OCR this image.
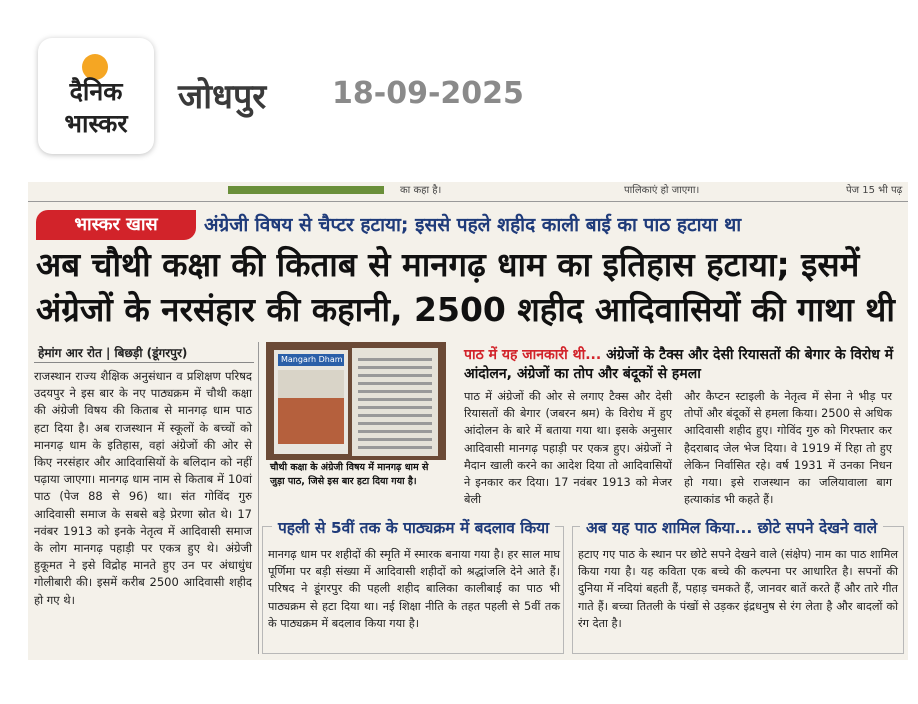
दैनिक
भास्कर
जोधपुर 18-09-2025
का कहा है।	पालिकाएं हो जाएगा।	पेज 15 भी पढ़
भास्कर खास	अंग्रेजी विषय से चैप्टर हटाया; इससे पहले शहीद काली बाई का पाठ हटाया था
अब चौथी कक्षा की किताब से मानगढ़ धाम का इतिहास हटाया; इसमें
अंग्रेजों के नरसंहार की कहानी, 2500 शहीद आदिवासियों की गाथा थी
हेमांग आर रोत | बिछड़ी (डूंगरपुर)
राजस्थान राज्य शैक्षिक अनुसंधान व प्रशिक्षण परिषद उदयपुर ने इस बार के नए पाठ्यक्रम में चौथी कक्षा की अंग्रेजी विषय की किताब से मानगढ़ धाम पाठ हटा दिया है। अब राजस्थान में स्कूलों के बच्चों को मानगढ़ धाम के इतिहास, वहां अंग्रेजों की ओर से किए नरसंहार और आदिवासियों के बलिदान को नहीं पढ़ाया जाएगा। मानगढ़ धाम नाम से किताब में 10वां पाठ (पेज 88 से 96) था। संत गोविंद गुरु आदिवासी समाज के सबसे बड़े प्रेरणा स्रोत थे। 17 नवंबर 1913 को इनके नेतृत्व में आदिवासी समाज के लोग मानगढ़ पहाड़ी पर एकत्र हुए थे। अंग्रेजी हुकूमत ने इसे विद्रोह मानते हुए उन पर अंधाधुंध गोलीबारी की। इसमें करीब 2500 आदिवासी शहीद हो गए थे।
Mangarh Dham
चौथी कक्षा के अंग्रेजी विषय में मानगढ़ धाम से जुड़ा पाठ, जिसे इस बार हटा दिया गया है।
पाठ में यह जानकारी थी... अंग्रेजों के टैक्स और देसी रियासतों की बेगार के विरोध में आंदोलन, अंग्रेजों का तोप और बंदूकों से हमला
पाठ में अंग्रेजों की ओर से लगाए टैक्स और देसी रियासतों की बेगार (जबरन श्रम) के विरोध में हुए आंदोलन के बारे में बताया गया था। इसके अनुसार आदिवासी मानगढ़ पहाड़ी पर एकत्र हुए। अंग्रेजों ने मैदान खाली करने का आदेश दिया तो आदिवासियों ने इनकार कर दिया। 17 नवंबर 1913 को मेजर बेली
और कैप्टन स्टाइली के नेतृत्व में सेना ने भीड़ पर तोपों और बंदूकों से हमला किया। 2500 से अधिक आदिवासी शहीद हुए। गोविंद गुरु को गिरफ्तार कर हैदराबाद जेल भेज दिया। वे 1919 में रिहा तो हुए लेकिन निर्वासित रहे। वर्ष 1931 में उनका निधन हो गया। इसे राजस्थान का जलियावाला बाग हत्याकांड भी कहते हैं।
पहली से 5वीं तक के पाठ्यक्रम में बदलाव किया
मानगढ़ धाम पर शहीदों की स्मृति में स्मारक बनाया गया है। हर साल माघ पूर्णिमा पर बड़ी संख्या में आदिवासी शहीदों को श्रद्धांजलि देने आते हैं। परिषद ने डूंगरपुर की पहली शहीद बालिका कालीबाई का पाठ भी पाठ्यक्रम से हटा दिया था। नई शिक्षा नीति के तहत पहली से 5वीं तक के पाठ्यक्रम में बदलाव किया गया है।
अब यह पाठ शामिल किया... छोटे सपने देखने वाले
हटाए गए पाठ के स्थान पर छोटे सपने देखने वाले (संक्षेप) नाम का पाठ शामिल किया गया है। यह कविता एक बच्चे की कल्पना पर आधारित है। सपनों की दुनिया में नदियां बहती हैं, पहाड़ चमकते हैं, जानवर बातें करते हैं और तारे गीत गाते हैं। बच्चा तितली के पंखों से उड़कर इंद्रधनुष से रंग लेता है और बादलों को रंग देता है।
